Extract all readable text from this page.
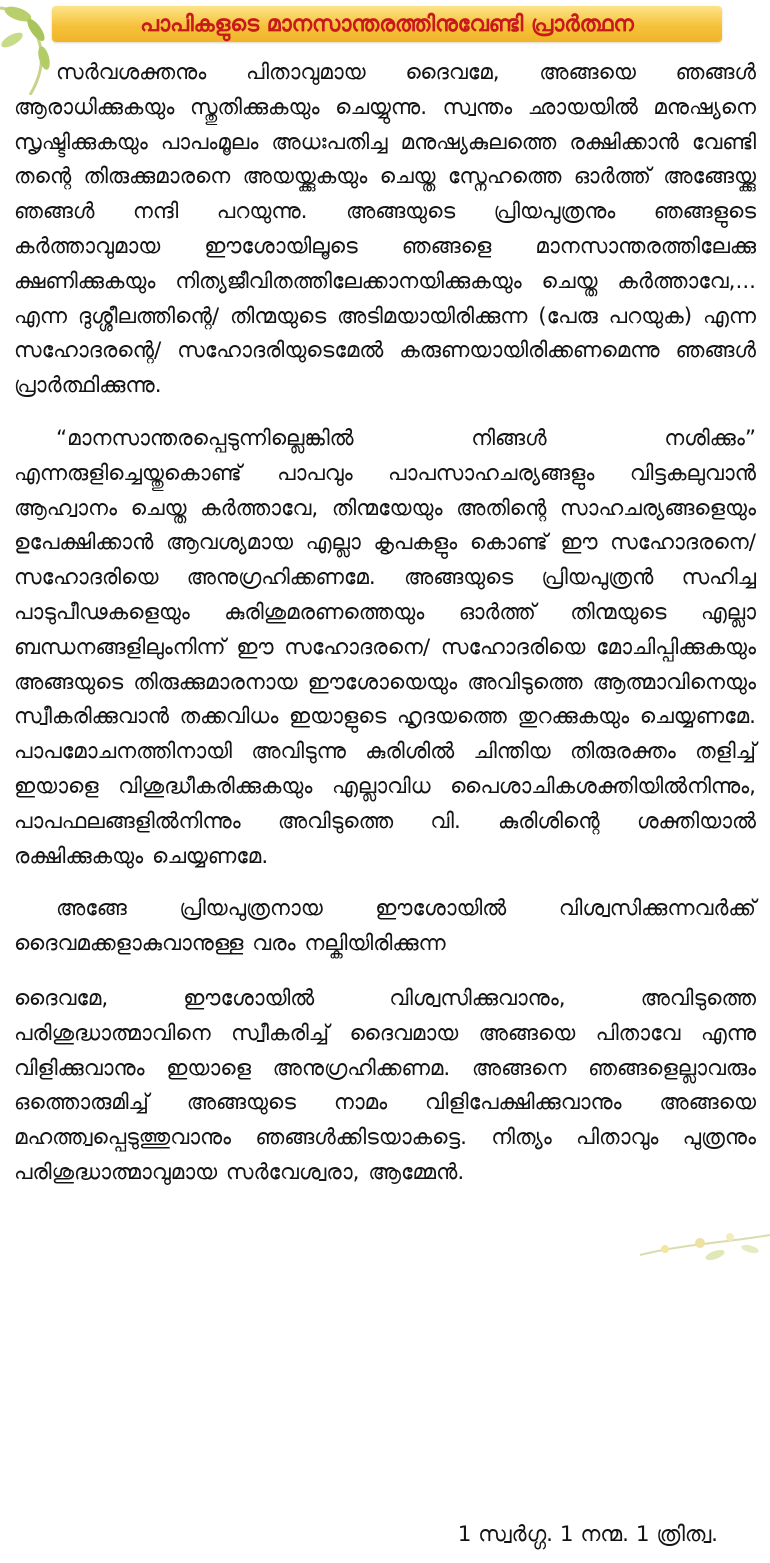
പാപികളുടെ മാനസാന്തരത്തിനുവേണ്ടി പ്രാർത്ഥന

സർവശക്തനും പിതാവുമായ ദൈവമേ, അങ്ങയെ ഞങ്ങൾ ആരാധിക്കുകയും സ്തുതിക്കുകയും ചെയ്യുന്നു. സ്വന്തം ഛായയിൽ മനുഷ്യനെ സൃഷ്ടിക്കുകയും പാപംമൂലം അധഃപതിച്ച മനുഷ്യകുലത്തെ രക്ഷിക്കാൻ വേണ്ടി തന്റെ തിരുക്കുമാരനെ അയയ്ക്കുകയും ചെയ്ത സ്നേഹത്തെ ഓർത്ത് അങ്ങേയ്ക്കു ഞങ്ങൾ നന്ദി പറയുന്നു. അങ്ങയുടെ പ്രിയപുത്രനും ഞങ്ങളുടെ കർത്താവുമായ ഈശോയിലൂടെ ഞങ്ങളെ മാനസാന്തരത്തിലേക്കു ക്ഷണിക്കുകയും നിത്യജീവിതത്തിലേക്കാനയിക്കുകയും ചെയ്ത കർത്താവേ,... എന്ന ദുശ്ശീലത്തിന്റെ/ തിന്മയുടെ അടിമയായിരിക്കുന്ന (പേരു പറയുക) എന്ന സഹോദരന്റെ/ സഹോദരിയുടെമേൽ കരുണയായിരിക്കണമെന്നു ഞങ്ങൾ പ്രാർത്ഥിക്കുന്നു.

“മാനസാന്തരപ്പെടുന്നില്ലെങ്കിൽ നിങ്ങൾ നശിക്കും” എന്നരുളിച്ചെയ്തുകൊണ്ട് പാപവും പാപസാഹചര്യങ്ങളും വിട്ടകലുവാൻ ആഹ്വാനം ചെയ്ത കർത്താവേ, തിന്മയേയും അതിന്റെ സാഹചര്യങ്ങളെയും ഉപേക്ഷിക്കാൻ ആവശ്യമായ എല്ലാ കൃപകളും കൊണ്ട് ഈ സഹോദരനെ/ സഹോദരിയെ അനുഗ്രഹിക്കണമേ. അങ്ങയുടെ പ്രിയപുത്രൻ സഹിച്ച പാടുപീഢകളെയും കുരിശുമരണത്തെയും ഓർത്ത് തിന്മയുടെ എല്ലാ ബന്ധനങ്ങളിലുംനിന്ന് ഈ സഹോദരനെ/ സഹോദരിയെ മോചിപ്പിക്കുകയും അങ്ങയുടെ തിരുക്കുമാരനായ ഈശോയെയും അവിടുത്തെ ആത്മാവിനെയും സ്വീകരിക്കുവാൻ തക്കവിധം ഇയാളുടെ ഹൃദയത്തെ തുറക്കുകയും ചെയ്യണമേ. പാപമോചനത്തിനായി അവിടുന്നു കുരിശിൽ ചിന്തിയ തിരുരക്തം തളിച്ച് ഇയാളെ വിശുദ്ധീകരിക്കുകയും എല്ലാവിധ പൈശാചികശക്തിയിൽനിന്നും, പാപഫലങ്ങളിൽനിന്നും അവിടുത്തെ വി. കുരിശിന്റെ ശക്തിയാൽ രക്ഷിക്കുകയും ചെയ്യണമേ.

അങ്ങേ പ്രിയപുത്രനായ ഈശോയിൽ വിശ്വസിക്കുന്നവർക്ക് ദൈവമക്കളാകുവാനുള്ള വരം നല്കിയിരിക്കുന്ന

ദൈവമേ, ഈശോയിൽ വിശ്വസിക്കുവാനും, അവിടുത്തെ പരിശുദ്ധാത്മാവിനെ സ്വീകരിച്ച് ദൈവമായ അങ്ങയെ പിതാവേ എന്നു വിളിക്കുവാനും ഇയാളെ അനുഗ്രഹിക്കണമ. അങ്ങനെ ഞങ്ങളെല്ലാവരും ഒത്തൊരുമിച്ച് അങ്ങയുടെ നാമം വിളിപേക്ഷിക്കുവാനും അങ്ങയെ മഹത്ത്വപ്പെടുത്തുവാനും ഞങ്ങൾക്കിടയാകട്ടെ. നിത്യം പിതാവും പുത്രനും പരിശുദ്ധാത്മാവുമായ സർവേശ്വരാ, ആമ്മേൻ.

1 സ്വർഗ്ഗ. 1 നന്മ. 1 ത്രിത്വ.
